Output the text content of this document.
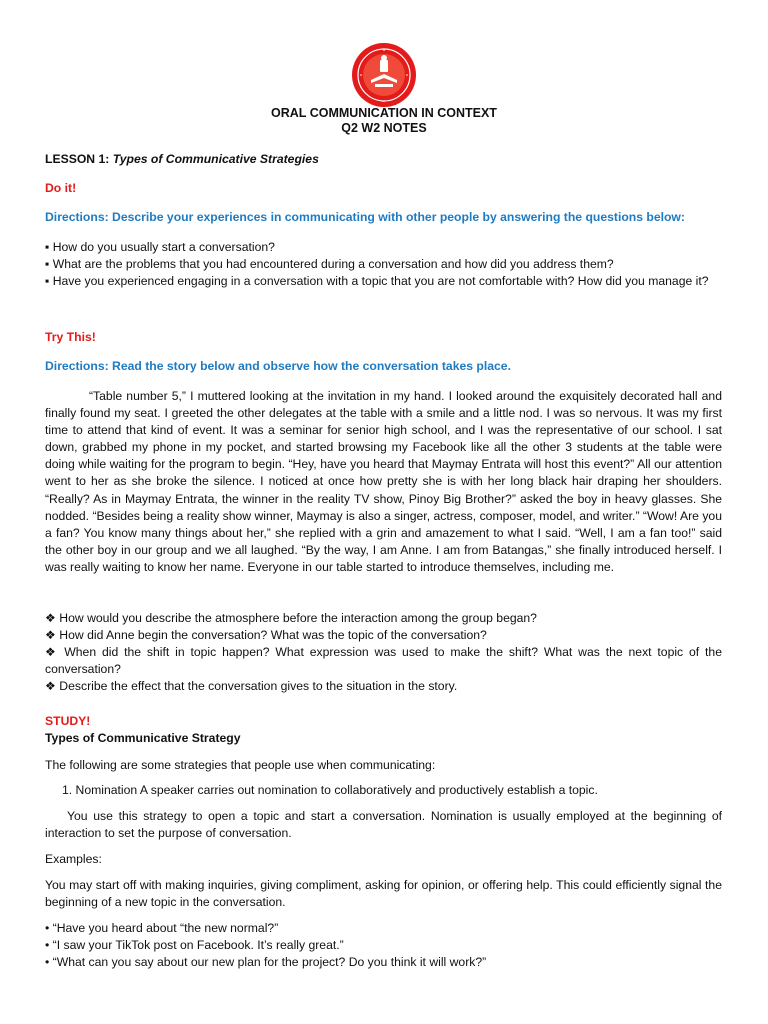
ORAL COMMUNICATION IN CONTEXT
Q2 W2 NOTES
LESSON 1: Types of Communicative Strategies
Do it!
Directions: Describe your experiences in communicating with other people by answering the questions below:
▪ How do you usually start a conversation?
▪ What are the problems that you had encountered during a conversation and how did you address them?
▪ Have you experienced engaging in a conversation with a topic that you are not comfortable with? How did you manage it?
Try This!
Directions: Read the story below and observe how the conversation takes place.

“Table number 5,” I muttered looking at the invitation in my hand. I looked around the exquisitely decorated hall and finally found my seat. I greeted the other delegates at the table with a smile and a little nod. I was so nervous. It was my first time to attend that kind of event. It was a seminar for senior high school, and I was the representative of our school. I sat down, grabbed my phone in my pocket, and started browsing my Facebook like all the other 3 students at the table were doing while waiting for the program to begin. “Hey, have you heard that Maymay Entrata will host this event?” All our attention went to her as she broke the silence. I noticed at once how pretty she is with her long black hair draping her shoulders. “Really? As in Maymay Entrata, the winner in the reality TV show, Pinoy Big Brother?” asked the boy in heavy glasses. She nodded. “Besides being a reality show winner, Maymay is also a singer, actress, composer, model, and writer.” “Wow! Are you a fan? You know many things about her,” she replied with a grin and amazement to what I said. “Well, I am a fan too!” said the other boy in our group and we all laughed. “By the way, I am Anne. I am from Batangas,” she finally introduced herself. I was really waiting to know her name. Everyone in our table started to introduce themselves, including me.

❖ How would you describe the atmosphere before the interaction among the group began?
❖ How did Anne begin the conversation? What was the topic of the conversation?
❖ When did the shift in topic happen? What expression was used to make the shift? What was the next topic of the conversation?
❖ Describe the effect that the conversation gives to the situation in the story.
STUDY!
Types of Communicative Strategy
The following are some strategies that people use when communicating:
1. Nomination A speaker carries out nomination to collaboratively and productively establish a topic.
You use this strategy to open a topic and start a conversation. Nomination is usually employed at the beginning of interaction to set the purpose of conversation.
Examples:
You may start off with making inquiries, giving compliment, asking for opinion, or offering help. This could efficiently signal the beginning of a new topic in the conversation.
• “Have you heard about “the new normal?”
• “I saw your TikTok post on Facebook. It’s really great.”
• “What can you say about our new plan for the project? Do you think it will work?”
